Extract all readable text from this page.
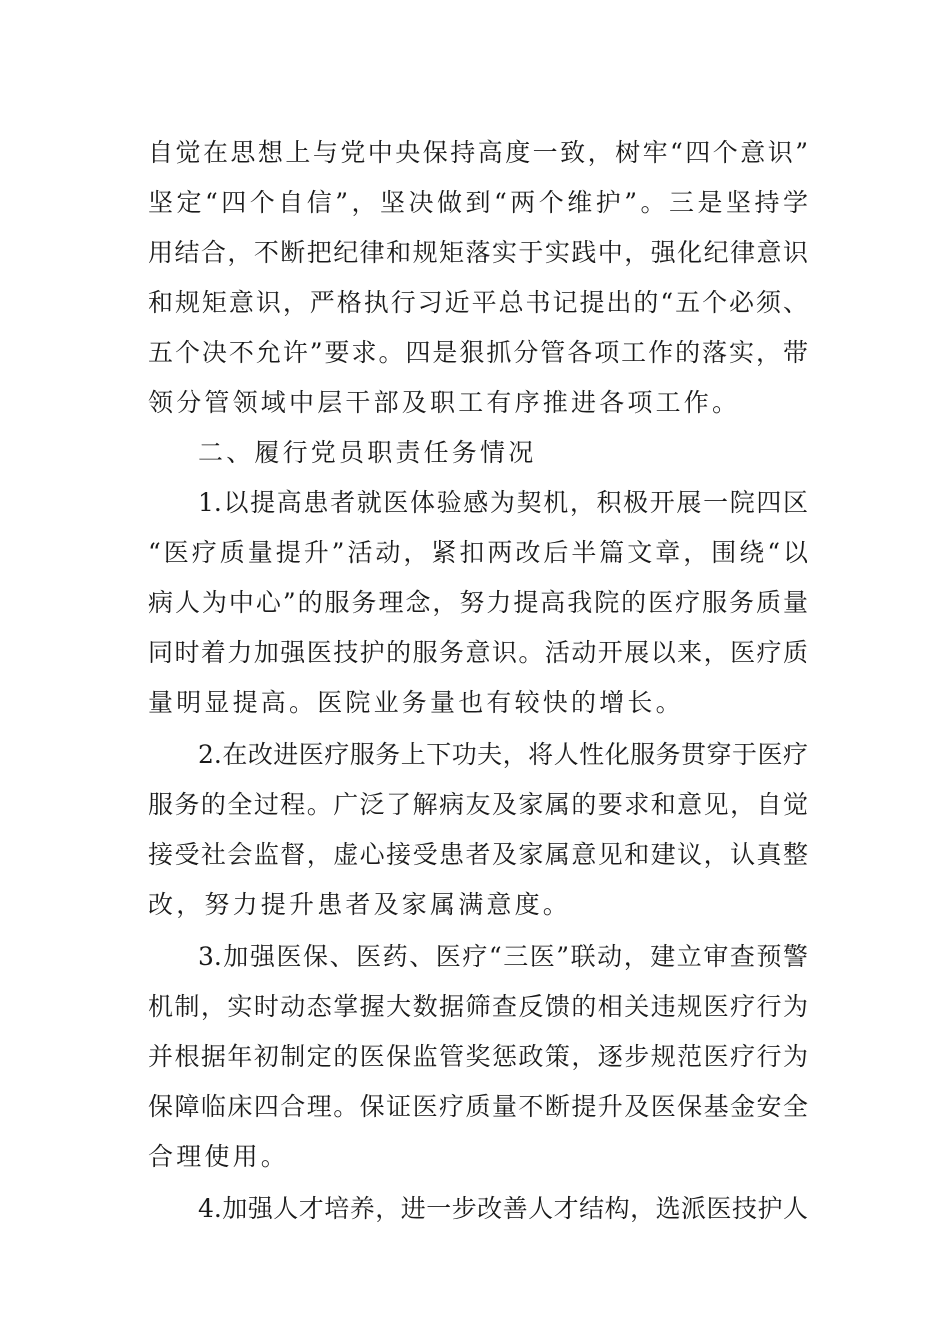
自觉在思想上与党中央保持高度一致，树牢“四个意识”
坚定“四个自信”，坚决做到“两个维护”。三是坚持学
用结合，不断把纪律和规矩落实于实践中，强化纪律意识
和规矩意识，严格执行习近平总书记提出的“五个必须、
五个决不允许”要求。四是狠抓分管各项工作的落实，带
领分管领域中层干部及职工有序推进各项工作。
二、履行党员职责任务情况
1.以提高患者就医体验感为契机，积极开展一院四区
“医疗质量提升”活动，紧扣两改后半篇文章，围绕“以
病人为中心”的服务理念，努力提高我院的医疗服务质量
同时着力加强医技护的服务意识。活动开展以来，医疗质
量明显提高。医院业务量也有较快的增长。
2.在改进医疗服务上下功夫，将人性化服务贯穿于医疗
服务的全过程。广泛了解病友及家属的要求和意见，自觉
接受社会监督，虚心接受患者及家属意见和建议，认真整
改，努力提升患者及家属满意度。
3.加强医保、医药、医疗“三医”联动，建立审查预警
机制，实时动态掌握大数据筛查反馈的相关违规医疗行为
并根据年初制定的医保监管奖惩政策，逐步规范医疗行为
保障临床四合理。保证医疗质量不断提升及医保基金安全
合理使用。
4.加强人才培养，进一步改善人才结构，选派医技护人
